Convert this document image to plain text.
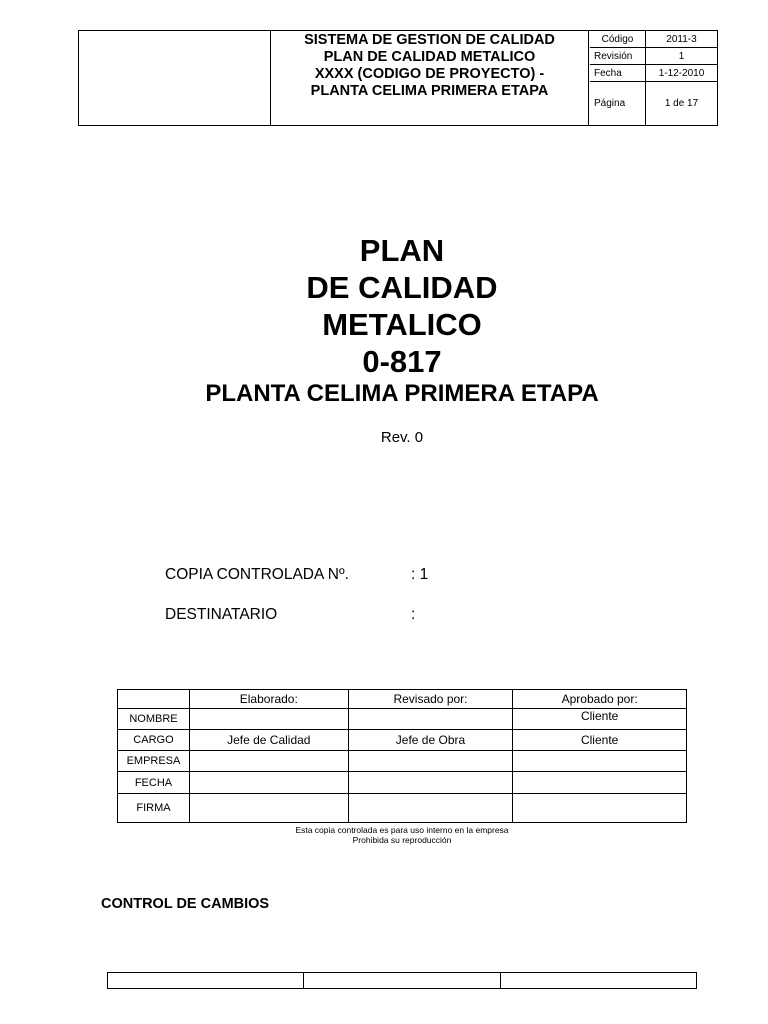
SISTEMA DE GESTION DE CALIDAD
PLAN DE CALIDAD METALICO
XXXX (CODIGO DE PROYECTO) -
PLANTA CELIMA PRIMERA ETAPA
Código	2011-3
Revisión	1
Fecha	1-12-2010
Página	1 de 17
PLAN
DE CALIDAD
METALICO
0-817
PLANTA CELIMA PRIMERA ETAPA
Rev. 0
COPIA CONTROLADA Nº.	: 1
DESTINATARIO	:
	Elaborado:	Revisado por:	Aprobado por:
NOMBRE			Cliente
CARGO	Jefe de Calidad	Jefe de Obra	Cliente
EMPRESA			
FECHA			
FIRMA			
Esta copia controlada es para uso interno en la empresa
Prohibida su reproducción
CONTROL DE CAMBIOS
